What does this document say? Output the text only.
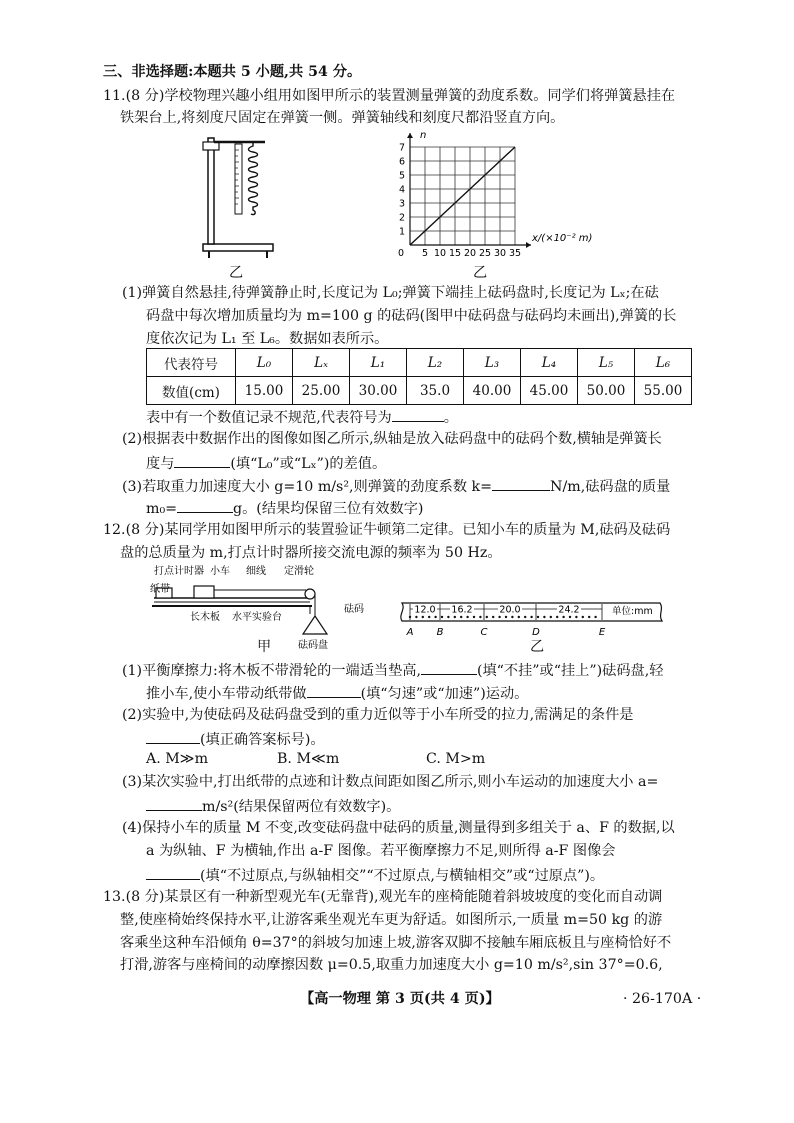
三、非选择题:本题共 5 小题,共 54 分。
11.(8 分)学校物理兴趣小组用如图甲所示的装置测量弹簧的劲度系数。同学们将弹簧悬挂在
铁架台上,将刻度尺固定在弹簧一侧。弹簧轴线和刻度尺都沿竖直方向。
乙
0 5 10 15 20 25 30 35
1
2
3
4
5
6
7
n
x/(×10⁻² m)
乙
(1)弹簧自然悬挂,待弹簧静止时,长度记为 L₀;弹簧下端挂上砝码盘时,长度记为 Lₓ;在砝
码盘中每次增加质量均为 m=100 g 的砝码(图甲中砝码盘与砝码均未画出),弹簧的长
度依次记为 L₁ 至 L₆。数据如表所示。
代表符号	L₀	Lₓ	L₁	L₂	L₃	L₄	L₅	L₆
数值(cm)	15.00	25.00	30.00	35.0	40.00	45.00	50.00	55.00
表中有一个数值记录不规范,代表符号为	。
(2)根据表中数据作出的图像如图乙所示,纵轴是放入砝码盘中的砝码个数,横轴是弹簧长
度与	(填“L₀”或“Lₓ”)的差值。
(3)若取重力加速度大小 g=10 m/s²,则弹簧的劲度系数 k=	N/m,砝码盘的质量
m₀=	g。(结果均保留三位有效数字)
12.(8 分)某同学用如图甲所示的装置验证牛顿第二定律。已知小车的质量为 M,砝码及砝码
盘的总质量为 m,打点计时器所接交流电源的频率为 50 Hz。
打点计时器 小车 细线 定滑轮
纸带
砝码
长木板 水平实验台
砝码盘
甲
A B	C	D	E
12.0 16.2	20.0	24.2	单位:mm
乙
(1)平衡摩擦力:将木板不带滑轮的一端适当垫高,	(填“不挂”或“挂上”)砝码盘,轻
推小车,使小车带动纸带做	(填“匀速”或“加速”)运动。
(2)实验中,为使砝码及砝码盘受到的重力近似等于小车所受的拉力,需满足的条件是
(填正确答案标号)。
A. M≫m	B. M≪m	C. M>m
(3)某次实验中,打出纸带的点迹和计数点间距如图乙所示,则小车运动的加速度大小 a=
m/s²(结果保留两位有效数字)。
(4)保持小车的质量 M 不变,改变砝码盘中砝码的质量,测量得到多组关于 a、F 的数据,以
a 为纵轴、F 为横轴,作出 a-F 图像。若平衡摩擦力不足,则所得 a-F 图像会
(填“不过原点,与纵轴相交”“不过原点,与横轴相交”或“过原点”)。
13.(8 分)某景区有一种新型观光车(无靠背),观光车的座椅能随着斜坡坡度的变化而自动调
整,使座椅始终保持水平,让游客乘坐观光车更为舒适。如图所示,一质量 m=50 kg 的游
客乘坐这种车沿倾角 θ=37°的斜坡匀加速上坡,游客双脚不接触车厢底板且与座椅恰好不
打滑,游客与座椅间的动摩擦因数 μ=0.5,取重力加速度大小 g=10 m/s²,sin 37°=0.6,
【高一物理 第 3 页(共 4 页)】	· 26-170A ·
